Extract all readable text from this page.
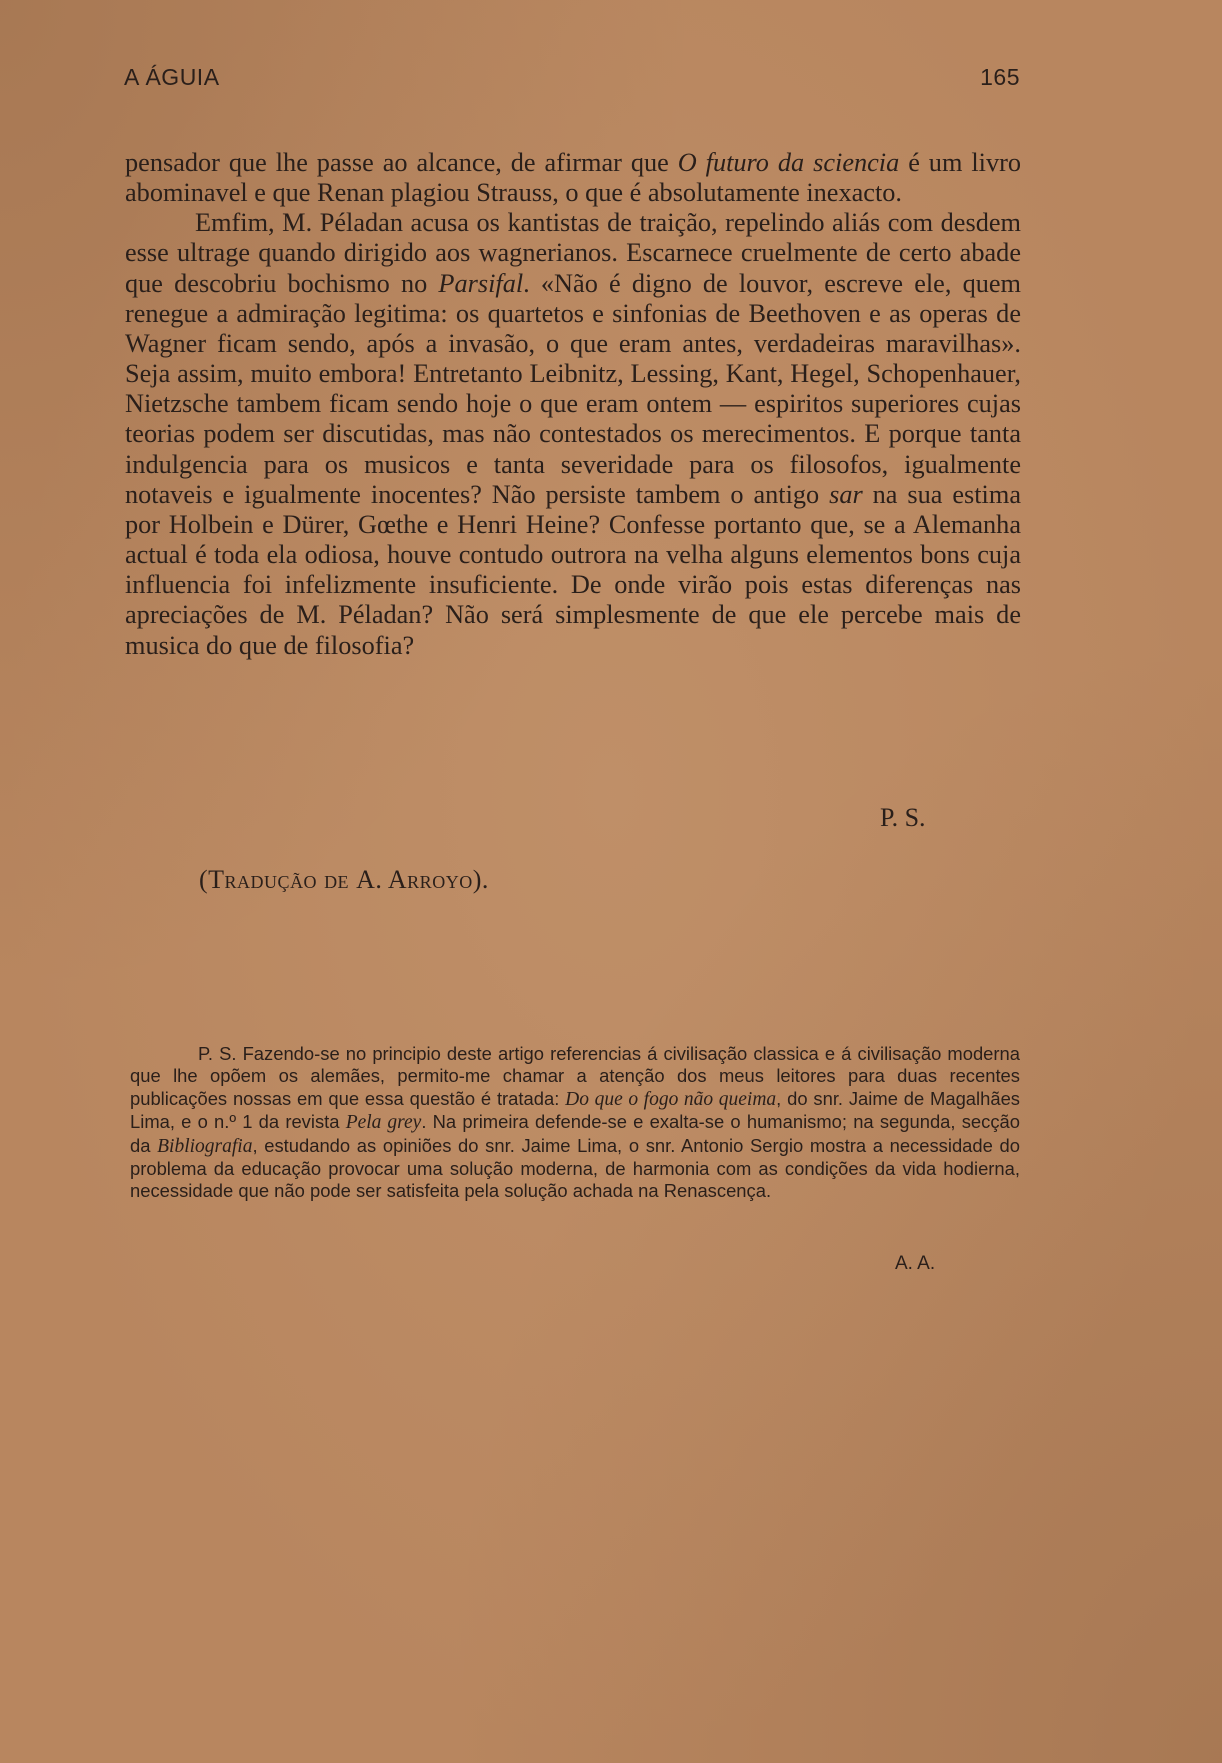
A ÁGUIA	165

pensador que lhe passe ao alcance, de afirmar que O futuro da sciencia é um livro abominavel e que Renan plagiou Strauss, o que é absolutamente inexacto.

Emfim, M. Péladan acusa os kantistas de traição, repelindo aliás com desdem esse ultrage quando dirigido aos wagnerianos. Escarnece cruelmente de certo abade que descobriu bochismo no Parsifal. «Não é digno de louvor, escreve ele, quem renegue a admiração legitima: os quartetos e sinfonias de Beethoven e as operas de Wagner ficam sendo, após a invasão, o que eram antes, verdadeiras maravilhas». Seja assim, muito embora! Entretanto Leibnitz, Lessing, Kant, Hegel, Schopenhauer, Nietzsche tambem ficam sendo hoje o que eram ontem — espiritos superiores cujas teorias podem ser discutidas, mas não contestados os merecimentos. E porque tanta indulgencia para os musicos e tanta severidade para os filosofos, igualmente notaveis e igualmente inocentes? Não persiste tambem o antigo sar na sua estima por Holbein e Dürer, Gœthe e Henri Heine? Confesse portanto que, se a Alemanha actual é toda ela odiosa, houve contudo outrora na velha alguns elementos bons cuja influencia foi infelizmente insuficiente. De onde virão pois estas diferenças nas apreciações de M. Péladan? Não será simplesmente de que ele percebe mais de musica do que de filosofia?

P. S.
(Tradução de A. Arroyo).

P. S. Fazendo-se no principio deste artigo referencias á civilisação classica e á civilisação moderna que lhe opõem os alemães, permito-me chamar a atenção dos meus leitores para duas recentes publicações nossas em que essa questão é tratada: Do que o fogo não queima, do snr. Jaime de Magalhães Lima, e o n.º 1 da revista Pela grey. Na primeira defende-se e exalta-se o humanismo; na segunda, secção da Bibliografia, estudando as opiniões do snr. Jaime Lima, o snr. Antonio Sergio mostra a necessidade do problema da educação provocar uma solução moderna, de harmonia com as condições da vida hodierna, necessidade que não pode ser satisfeita pela solução achada na Renascença.

A. A.
